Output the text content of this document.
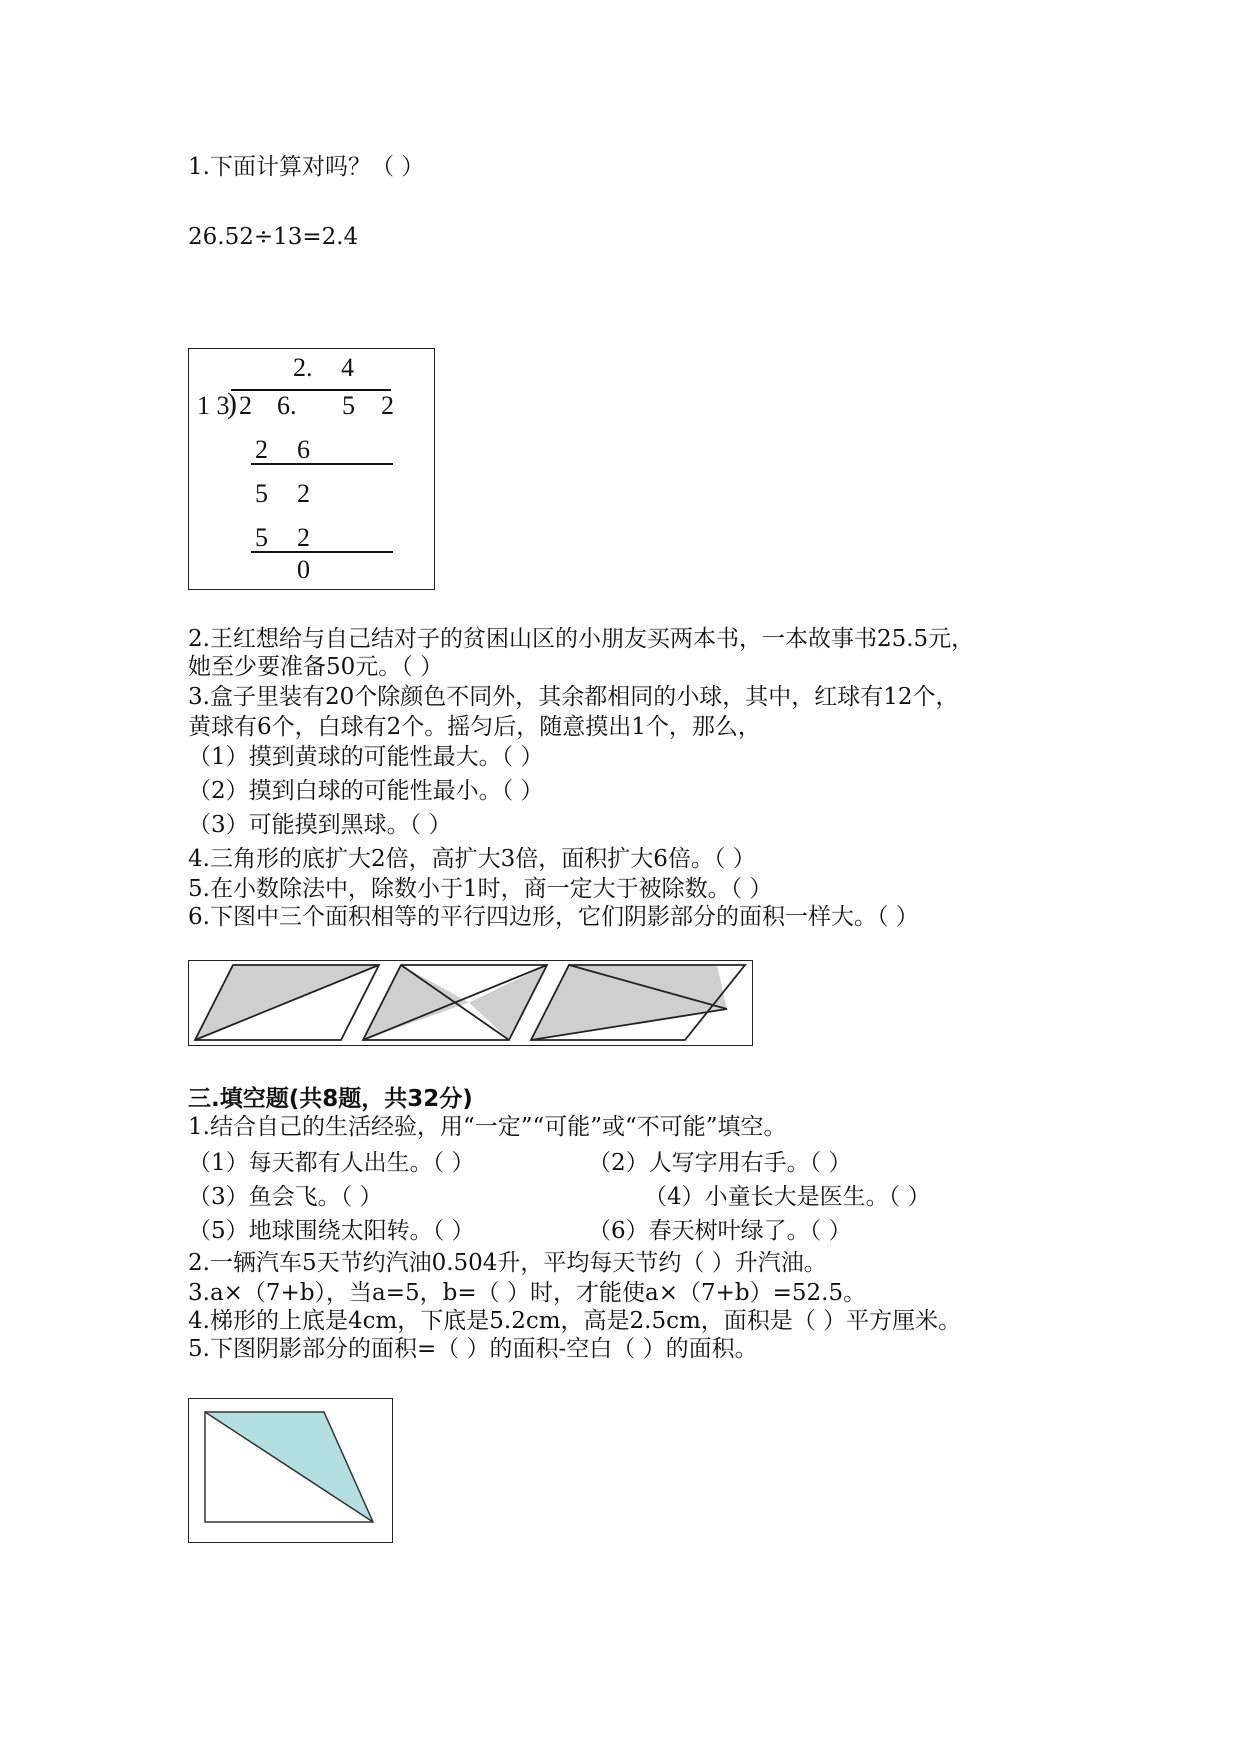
1.下面计算对吗？（ ）
26.52÷13=2.4
2. 4
1 3
) 2 6. 5 2
2 6
5 2
5 2
0
2.王红想给与自己结对子的贫困山区的小朋友买两本书，一本故事书25.5元，
她至少要准备50元。（ ）
3.盒子里装有20个除颜色不同外，其余都相同的小球，其中，红球有12个，
黄球有6个，白球有2个。摇匀后，随意摸出1个，那么，
（1）摸到黄球的可能性最大。（ ）
（2）摸到白球的可能性最小。（ ）
（3）可能摸到黑球。（ ）
4.三角形的底扩大2倍，高扩大3倍，面积扩大6倍。（ ）
5.在小数除法中，除数小于1时，商一定大于被除数。（ ）
6.下图中三个面积相等的平行四边形，它们阴影部分的面积一样大。（ ）
三.填空题(共8题，共32分)
1.结合自己的生活经验，用“一定”“可能”或“不可能”填空。
（1）每天都有人出生。（ ）	（2）人写字用右手。（ ）
（3）鱼会飞。（ ）	（4）小童长大是医生。（ ）
（5）地球围绕太阳转。（ ）	（6）春天树叶绿了。（ ）
2.一辆汽车5天节约汽油0.504升，平均每天节约（ ）升汽油。
3.a×（7+b），当a=5，b=（ ）时，才能使a×（7+b）=52.5。
4.梯形的上底是4cm，下底是5.2cm，高是2.5cm，面积是（ ）平方厘米。
5.下图阴影部分的面积=（ ）的面积-空白（ ）的面积。
